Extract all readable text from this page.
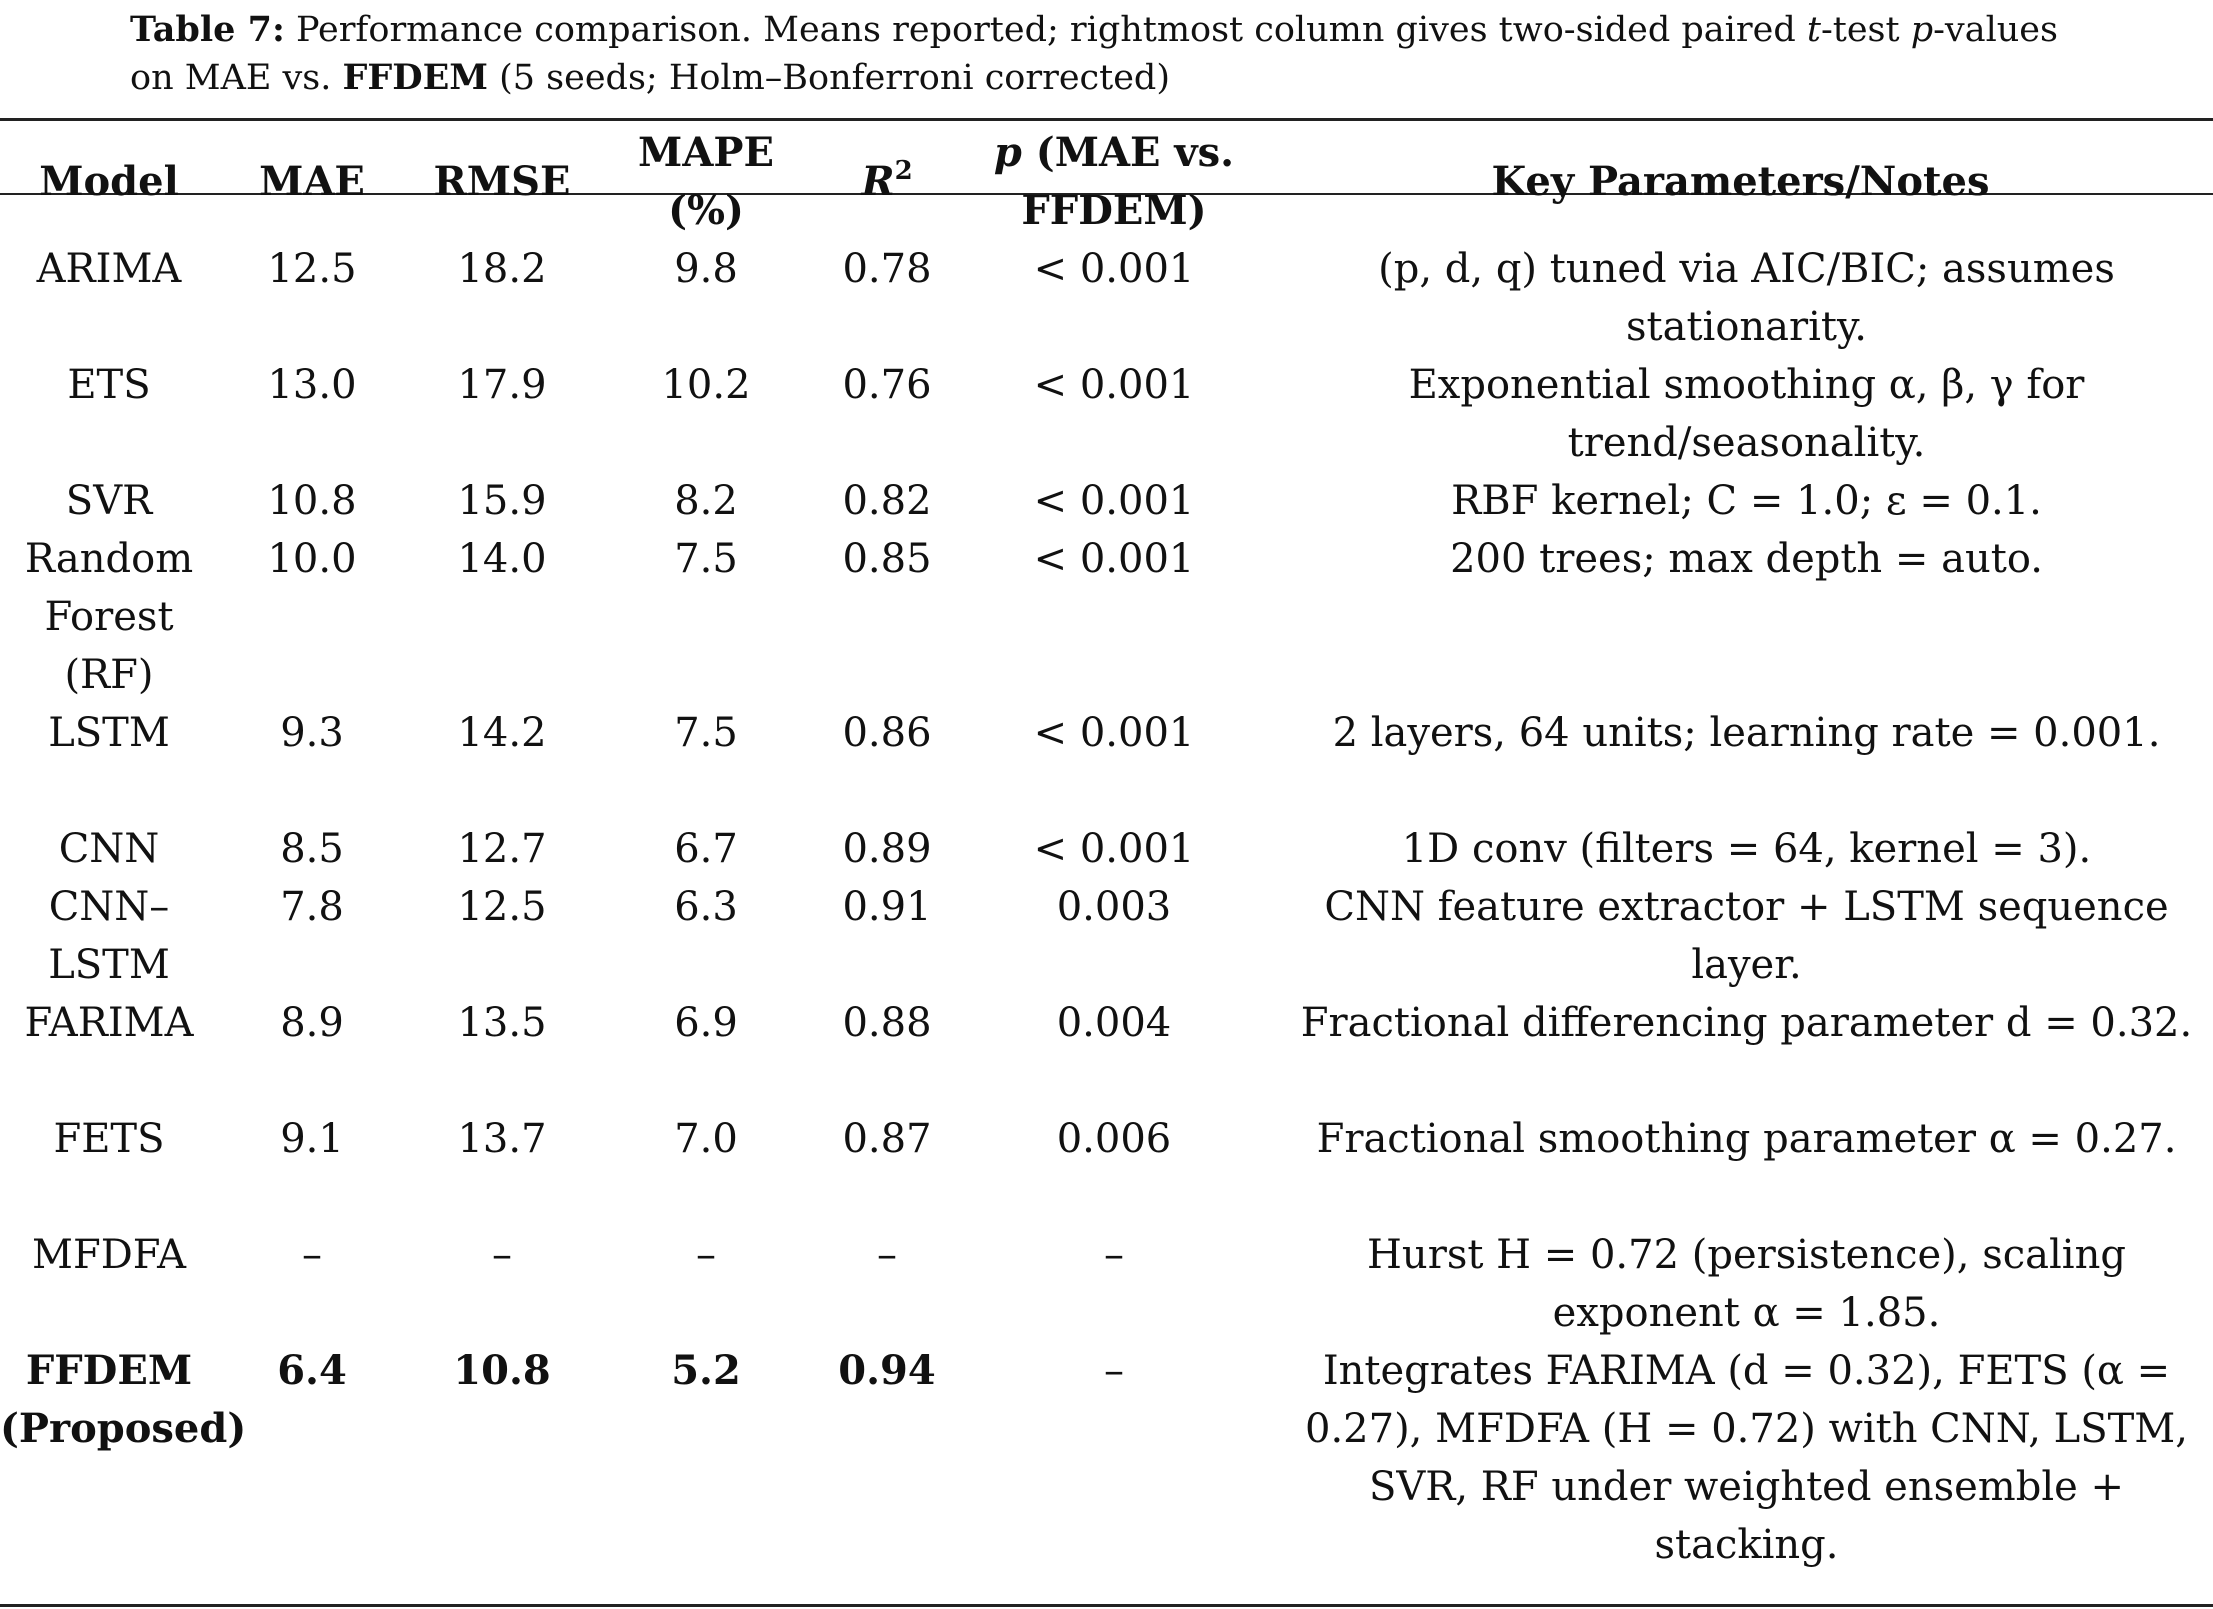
Table 7: Performance comparison. Means reported; rightmost column gives two-sided paired t-test p-values on MAE vs. FFDEM (5 seeds; Holm–Bonferroni corrected)
Model	MAE	RMSE	MAPE (%)	$R^2$	p (MAE vs. FFDEM)	Key Parameters/Notes
ARIMA	12.5	18.2	9.8	0.78	< 0.001	(p, d, q) tuned via AIC/BIC; assumes stationarity.
ETS	13.0	17.9	10.2	0.76	< 0.001	Exponential smoothing α, β, γ for trend/seasonality.
SVR	10.8	15.9	8.2	0.82	< 0.001	RBF kernel; C = 1.0; ε = 0.1.
Random Forest (RF)	10.0	14.0	7.5	0.85	< 0.001	200 trees; max depth = auto.
LSTM	9.3	14.2	7.5	0.86	< 0.001	2 layers, 64 units; learning rate = 0.001.
CNN	8.5	12.7	6.7	0.89	< 0.001	1D conv (filters = 64, kernel = 3).
CNN–LSTM	7.8	12.5	6.3	0.91	0.003	CNN feature extractor + LSTM sequence layer.
FARIMA	8.9	13.5	6.9	0.88	0.004	Fractional differencing parameter d = 0.32.
FETS	9.1	13.7	7.0	0.87	0.006	Fractional smoothing parameter α = 0.27.
MFDFA	–	–	–	–	–	Hurst H = 0.72 (persistence), scaling exponent α = 1.85.
FFDEM (Proposed)	6.4	10.8	5.2	0.94	–	Integrates FARIMA (d = 0.32), FETS (α = 0.27), MFDFA (H = 0.72) with CNN, LSTM, SVR, RF under weighted ensemble + stacking.
